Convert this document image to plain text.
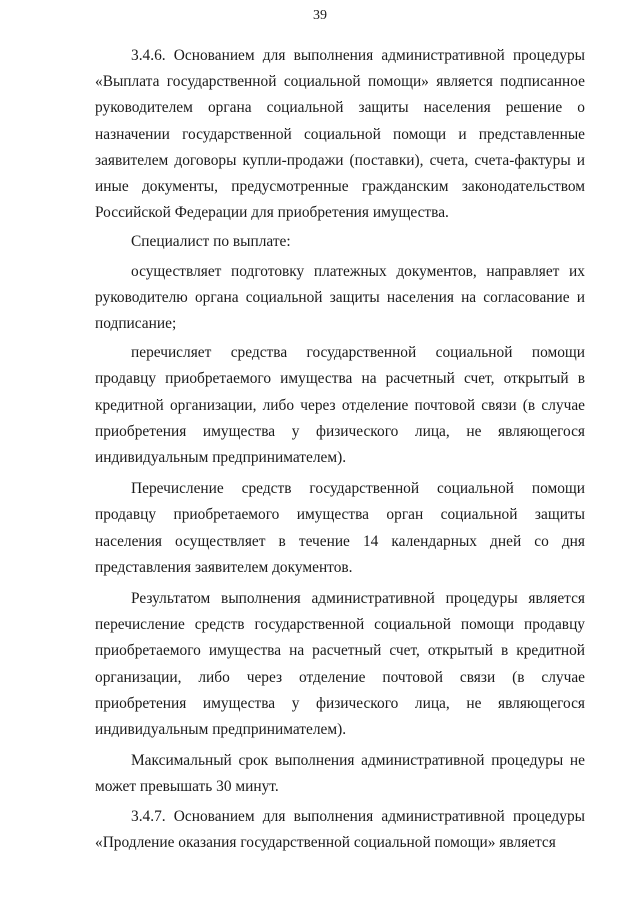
39

3.4.6. Основанием для выполнения административной процедуры «Выплата государственной социальной помощи» является подписанное руководителем органа социальной защиты населения решение о назначении государственной социальной помощи и представленные заявителем договоры купли-продажи (поставки), счета, счета-фактуры и иные документы, предусмотренные гражданским законодательством Российской Федерации для приобретения имущества.

Специалист по выплате:

осуществляет подготовку платежных документов, направляет их руководителю органа социальной защиты населения на согласование и подписание;

перечисляет средства государственной социальной помощи продавцу приобретаемого имущества на расчетный счет, открытый в кредитной организации, либо через отделение почтовой связи (в случае приобретения имущества у физического лица, не являющегося индивидуальным предпринимателем).

Перечисление средств государственной социальной помощи продавцу приобретаемого имущества орган социальной защиты населения осуществляет в течение 14 календарных дней со дня представления заявителем документов.

Результатом выполнения административной процедуры является перечисление средств государственной социальной помощи продавцу приобретаемого имущества на расчетный счет, открытый в кредитной организации, либо через отделение почтовой связи (в случае приобретения имущества у физического лица, не являющегося индивидуальным предпринимателем).

Максимальный срок выполнения административной процедуры не может превышать 30 минут.

3.4.7. Основанием для выполнения административной процедуры «Продление оказания государственной социальной помощи» является
